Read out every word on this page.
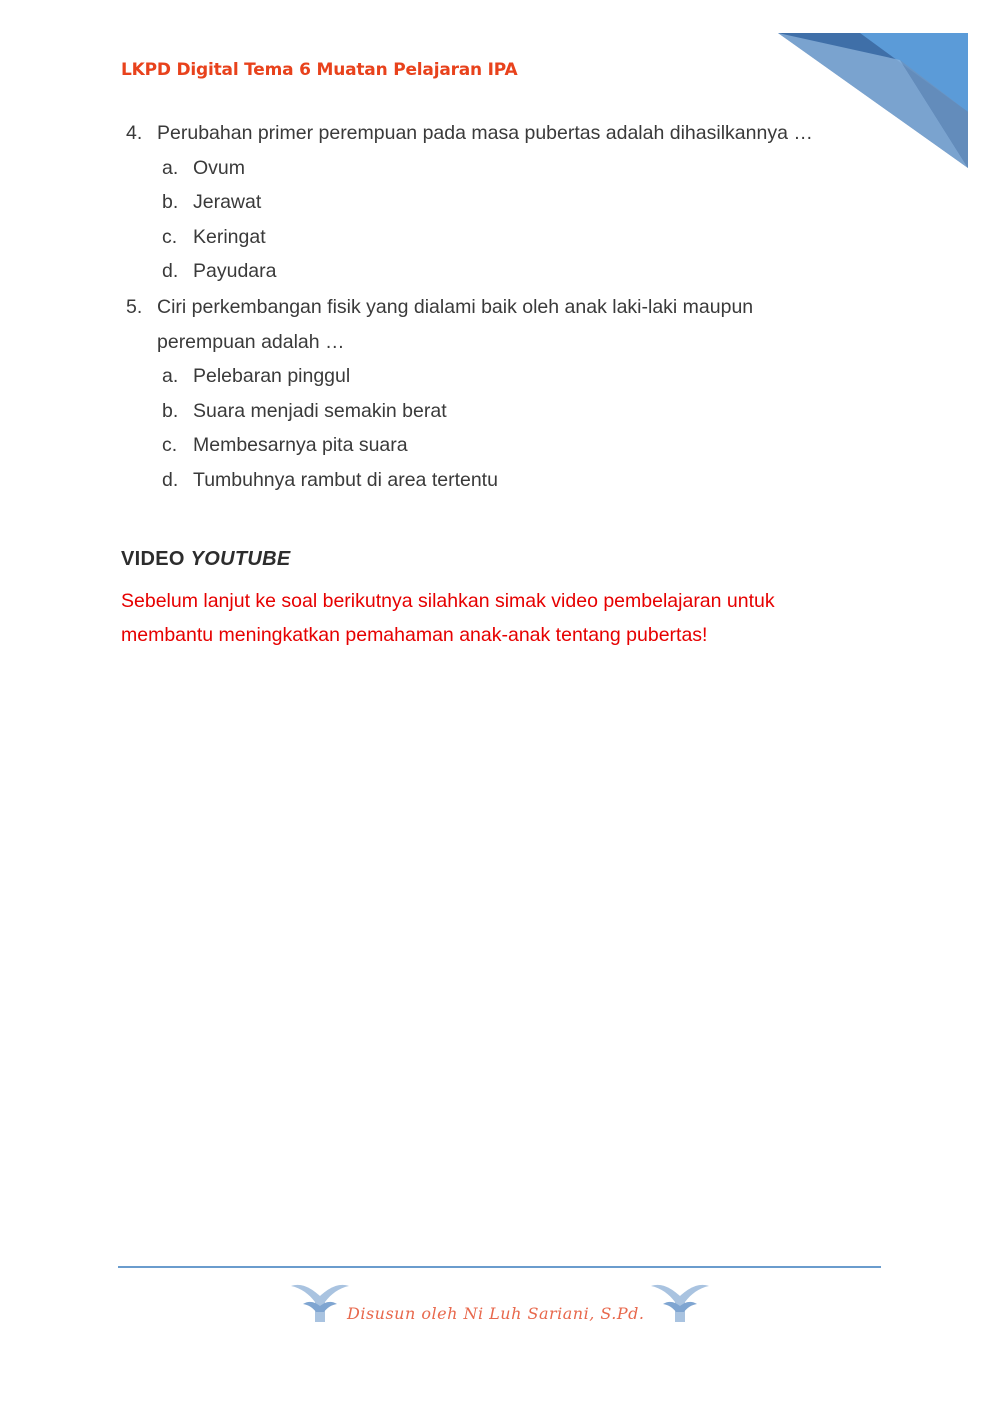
LKPD Digital Tema 6 Muatan Pelajaran IPA
4. Perubahan primer perempuan pada masa pubertas adalah dihasilkannya …
a. Ovum
b. Jerawat
c. Keringat
d. Payudara
5. Ciri perkembangan fisik yang dialami baik oleh anak laki-laki maupun
perempuan adalah …
a. Pelebaran pinggul
b. Suara menjadi semakin berat
c. Membesarnya pita suara
d. Tumbuhnya rambut di area tertentu
VIDEO YOUTUBE
Sebelum lanjut ke soal berikutnya silahkan simak video pembelajaran untuk
membantu meningkatkan pemahaman anak-anak tentang pubertas!
Disusun oleh Ni Luh Sariani, S.Pd.
